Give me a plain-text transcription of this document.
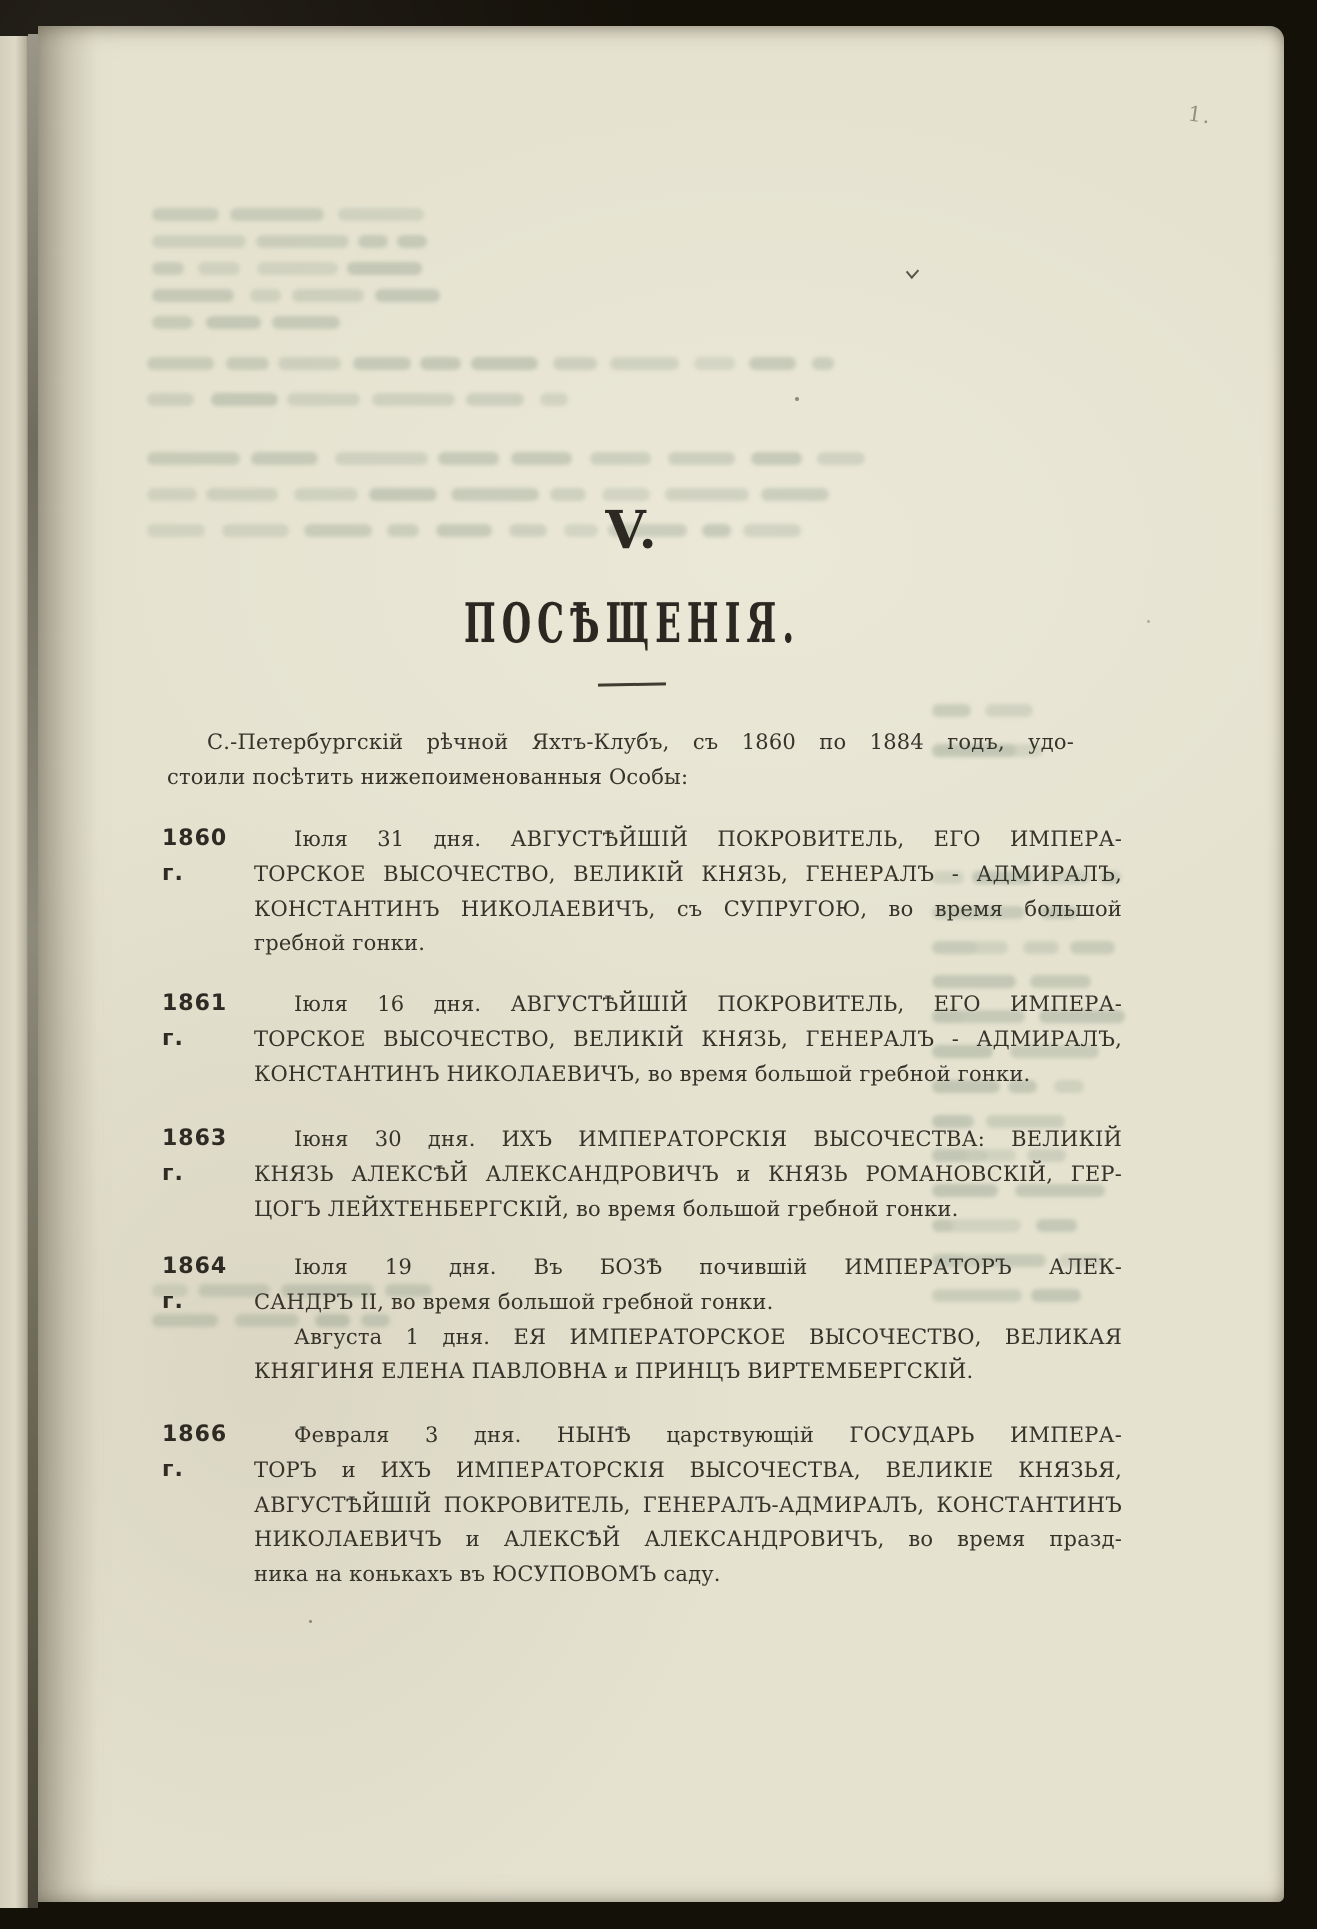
1.
V.
ПОСѢЩЕНІЯ.
С.-Петербургскій рѣчной Яхтъ-Клубъ, съ 1860 по 1884 годъ, удо-
стоили посѣтить нижепоименованныя Особы:
1860 г.
Іюля 31 дня. АВГУСТѢЙШІЙ ПОКРОВИТЕЛЬ, ЕГО ИМПЕРА-
ТОРСКОЕ ВЫСОЧЕСТВО, ВЕЛИКІЙ КНЯЗЬ, ГЕНЕРАЛЪ - АДМИРАЛЪ,
КОНСТАНТИНЪ НИКОЛАЕВИЧЪ, съ СУПРУГОЮ, во время большой
гребной гонки.
1861 г.
Іюля 16 дня. АВГУСТѢЙШІЙ ПОКРОВИТЕЛЬ, ЕГО ИМПЕРА-
ТОРСКОЕ ВЫСОЧЕСТВО, ВЕЛИКІЙ КНЯЗЬ, ГЕНЕРАЛЪ - АДМИРАЛЪ,
КОНСТАНТИНЪ НИКОЛАЕВИЧЪ, во время большой гребной гонки.
1863 г.
Іюня 30 дня. ИХЪ ИМПЕРАТОРСКІЯ ВЫСОЧЕСТВА: ВЕЛИКІЙ
КНЯЗЬ АЛЕКСѢЙ АЛЕКСАНДРОВИЧЪ и КНЯЗЬ РОМАНОВСКІЙ, ГЕР-
ЦОГЪ ЛЕЙХТЕНБЕРГСКІЙ, во время большой гребной гонки.
1864 г.
Іюля 19 дня. Въ БОЗѢ почившій ИМПЕРАТОРЪ АЛЕК-
САНДРЪ II, во время большой гребной гонки.
Августа 1 дня. ЕЯ ИМПЕРАТОРСКОЕ ВЫСОЧЕСТВО, ВЕЛИКАЯ
КНЯГИНЯ ЕЛЕНА ПАВЛОВНА и ПРИНЦЪ ВИРТЕМБЕРГСКІЙ.
1866 г.
Февраля 3 дня. НЫНѢ царствующій ГОСУДАРЬ ИМПЕРА-
ТОРЪ и ИХЪ ИМПЕРАТОРСКІЯ ВЫСОЧЕСТВА, ВЕЛИКІЕ КНЯЗЬЯ,
АВГУСТѢЙШІЙ ПОКРОВИТЕЛЬ, ГЕНЕРАЛЪ-АДМИРАЛЪ, КОНСТАНТИНЪ
НИКОЛАЕВИЧЪ и АЛЕКСѢЙ АЛЕКСАНДРОВИЧЪ, во время празд-
ника на конькахъ въ ЮСУПОВОМЪ саду.
